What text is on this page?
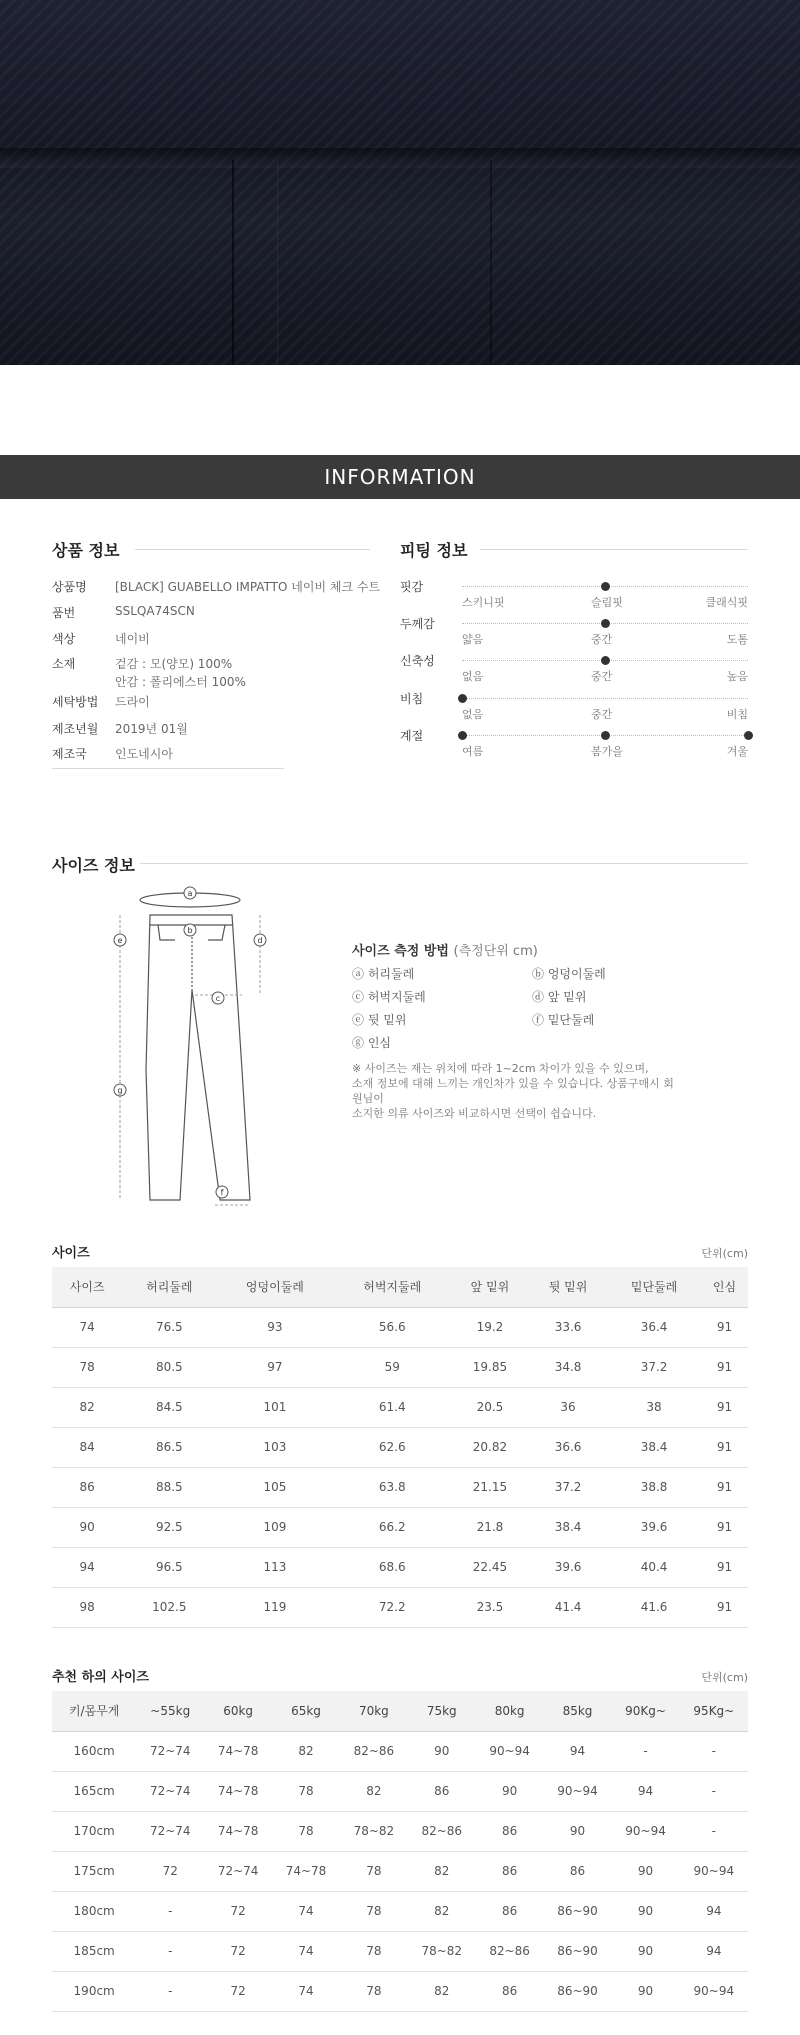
INFORMATION
상품 정보
상품명	[BLACK] GUABELLO IMPATTO 네이비 체크 수트
품번	SSLQA74SCN
색상	네이비
소재	겉감 : 모(양모) 100%
안감 : 폴리에스터 100%
세탁방법	드라이
제조년월	2019년 01월
제조국	인도네시아
피팅 정보
핏감
스키니핏	슬림핏	클래식핏
두께감
얇음	중간	도톰
신축성
없음	중간	높음
비침
없음	중간	비침
계절
여름	봄가을	겨울
사이즈 정보
a
b
c
d
e
f
g
사이즈 측정 방법 (측정단위 cm)
ⓐ 허리둘레	ⓑ 엉덩이둘레
ⓒ 허벅지둘레	ⓓ 앞 밑위
ⓔ 뒷 밑위	ⓕ 밑단둘레
ⓖ 인심
※ 사이즈는 재는 위치에 따라 1~2cm 차이가 있을 수 있으며,
소재 정보에 대해 느끼는 개인차가 있을 수 있습니다. 상품구매시 회원님이
소지한 의류 사이즈와 비교하시면 선택이 쉽습니다.
사이즈	단위(cm)
사이즈	허리둘레	엉덩이둘레	허벅지둘레	앞 밑위	뒷 밑위	밑단둘레	인심
74	76.5	93	56.6	19.2	33.6	36.4	91
78	80.5	97	59	19.85	34.8	37.2	91
82	84.5	101	61.4	20.5	36	38	91
84	86.5	103	62.6	20.82	36.6	38.4	91
86	88.5	105	63.8	21.15	37.2	38.8	91
90	92.5	109	66.2	21.8	38.4	39.6	91
94	96.5	113	68.6	22.45	39.6	40.4	91
98	102.5	119	72.2	23.5	41.4	41.6	91
추천 하의 사이즈	단위(cm)
키/몸무게	~55kg	60kg	65kg	70kg	75kg	80kg	85kg	90Kg~	95Kg~
160cm	72~74	74~78	82	82~86	90	90~94	94	-	-
165cm	72~74	74~78	78	82	86	90	90~94	94	-
170cm	72~74	74~78	78	78~82	82~86	86	90	90~94	-
175cm	72	72~74	74~78	78	82	86	86	90	90~94
180cm	-	72	74	78	82	86	86~90	90	94
185cm	-	72	74	78	78~82	82~86	86~90	90	94
190cm	-	72	74	78	82	86	86~90	90	90~94
